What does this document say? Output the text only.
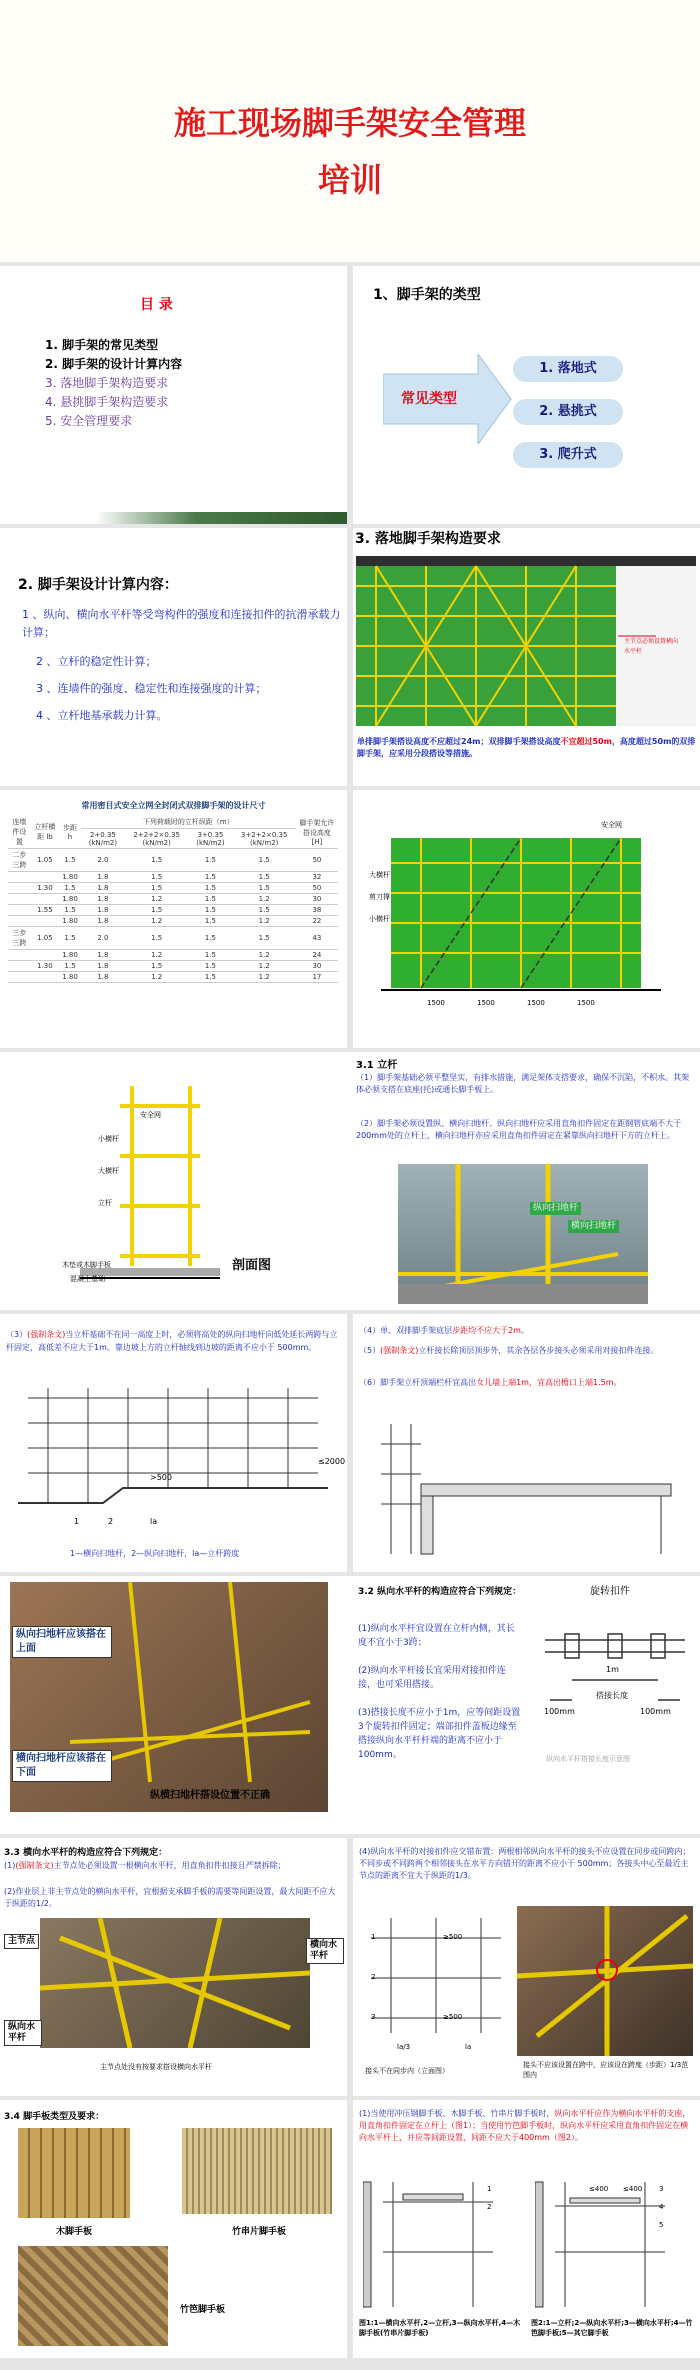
施工现场脚手架安全管理
培训
目 录
1. 脚手架的常见类型
2. 脚手架的设计计算内容
3. 落地脚手架构造要求
4. 悬挑脚手架构造要求
5. 安全管理要求
1、脚手架的类型
常见类型
1. 落地式
2. 悬挑式
3. 爬升式
2. 脚手架设计计算内容：
1 、纵向、横向水平杆等受弯构件的强度和连接扣件的抗滑承载力计算；
2 、立杆的稳定性计算；
3 、连墙件的强度、稳定性和连接强度的计算；
4 、立杆地基承载力计算。
3. 落地脚手架构造要求
主节点必须设置横向
水平杆
单排脚手架搭设高度不应超过24m；双排脚手架搭设高度不宜超过50m，高度超过50m的双排脚手架，应采用分段搭设等措施。
常用密目式安全立网全封闭式双排脚手架的设计尺寸
连墙件设置	立杆横距 lb	步距 h	下列荷载时的立杆纵距（m）				脚手架允许搭设高度 [H]
			2+0.35 (kN/m2)	2+2+2×0.35 (kN/m2)	3+0.35 (kN/m2)	3+2+2×0.35 (kN/m2)	
二步三跨	1.05	1.5	2.0	1.5	1.5	1.5	50
		1.80	1.8	1.5	1.5	1.5	32
	1.30	1.5	1.8	1.5	1.5	1.5	50
		1.80	1.8	1.2	1.5	1.2	30
	1.55	1.5	1.8	1.5	1.5	1.5	38
		1.80	1.8	1.2	1.5	1.2	22
三步三跨	1.05	1.5	2.0	1.5	1.5	1.5	43
		1.80	1.8	1.2	1.5	1.2	24
	1.30	1.5	1.8	1.5	1.5	1.2	30
		1.80	1.8	1.2	1.5	1.2	17
安全网
大横杆
剪刀撑
小横杆
1500	1500	1500	1500
安全网
小横杆
大横杆
立杆
木垫或木脚手板
混凝土基础
剖面图
3.1 立杆
（1）脚手架基础必须平整坚实，有排水措施，满足架体支搭要求，确保不沉陷，不积水。其架体必须支搭在底座(托)或通长脚手板上。
（2）脚手架必须设置纵、横向扫地杆。纵向扫地杆应采用直角扣件固定在距钢管底端不大于200mm处的立杆上，横向扫地杆亦应采用直角扣件固定在紧靠纵向扫地杆下方的立杆上。
纵向扫地杆
横向扫地杆
（3）(强制条文)当立杆基础不在同一高度上时，必须将高处的纵向扫地杆向低处延长两跨与立杆固定，高低差不应大于1m。靠边坡上方的立杆轴线到边坡的距离不应小于 500mm。
>500
≤2000
1	2	la
1—横向扫地杆，2—纵向扫地杆，la—立杆跨度
（4）单、双排脚手架底层步距均不应大于2m。
（5）(强制条文)立杆接长除顶层顶步外，其余各层各步接头必须采用对接扣件连接。
（6）脚手架立杆顶端栏杆宜高出女儿墙上端1m，宜高出檐口上端1.5m。
纵向扫地杆应该搭在上面
横向扫地杆应该搭在下面
纵横扫地杆搭设位置不正确
3.2 纵向水平杆的构造应符合下列规定：
(1)纵向水平杆宜设置在立杆内侧，其长度不宜小于3跨；
(2)纵向水平杆接长宜采用对接扣件连接，也可采用搭接。
(3)搭接长度不应小于1m，应等间距设置3个旋转扣件固定；端部扣件盖板边缘至搭接纵向水平杆杆端的距离不应小于100mm。
旋转扣件
1m
搭接长度
100mm	100mm
纵向水平杆搭接长度示意图
3.3 横向水平杆的构造应符合下列规定：
(1)(强制条文)主节点处必须设置一根横向水平杆，用直角扣件扣接且严禁拆除；
(2)作业层上非主节点处的横向水平杆，宜根据支承脚手板的需要等间距设置，最大间距不应大于纵距的1/2。
主节点	横向水平杆
纵向水平杆
主节点处没有按要求搭设横向水平杆
(4)纵向水平杆的对接扣件应交错布置：两根相邻纵向水平杆的接头不应设置在同步或同跨内；不同步或不同跨两个相邻接头在水平方向错开的距离不应小于 500mm；各接头中心至最近主节点的距离不宜大于纵距的1/3。
1
2
3
≥500
≥500
la/3	la
接头不在同步内（立面图）
接头不应该设置在跨中，应该设在跨度（步距）1/3范围内
3.4 脚手板类型及要求：
木脚手板	竹串片脚手板
竹笆脚手板
(1)当使用冲压钢脚手板、木脚手板、竹串片脚手板时，纵向水平杆应作为横向水平杆的支座，用直角扣件固定在立杆上（图1）；当使用竹笆脚手板时，纵向水平杆应采用直角扣件固定在横向水平杆上，并应等间距设置，间距不应大于400mm（图2）。
1
2
3
4
5
≤400 ≤400
图1:1—横向水平杆,2—立杆,3—纵向水平杆,4—木脚手板(竹串片脚手板)
图2:1—立杆;2—纵向水平杆;3—横向水平杆;4—竹笆脚手板;5—其它脚手板
